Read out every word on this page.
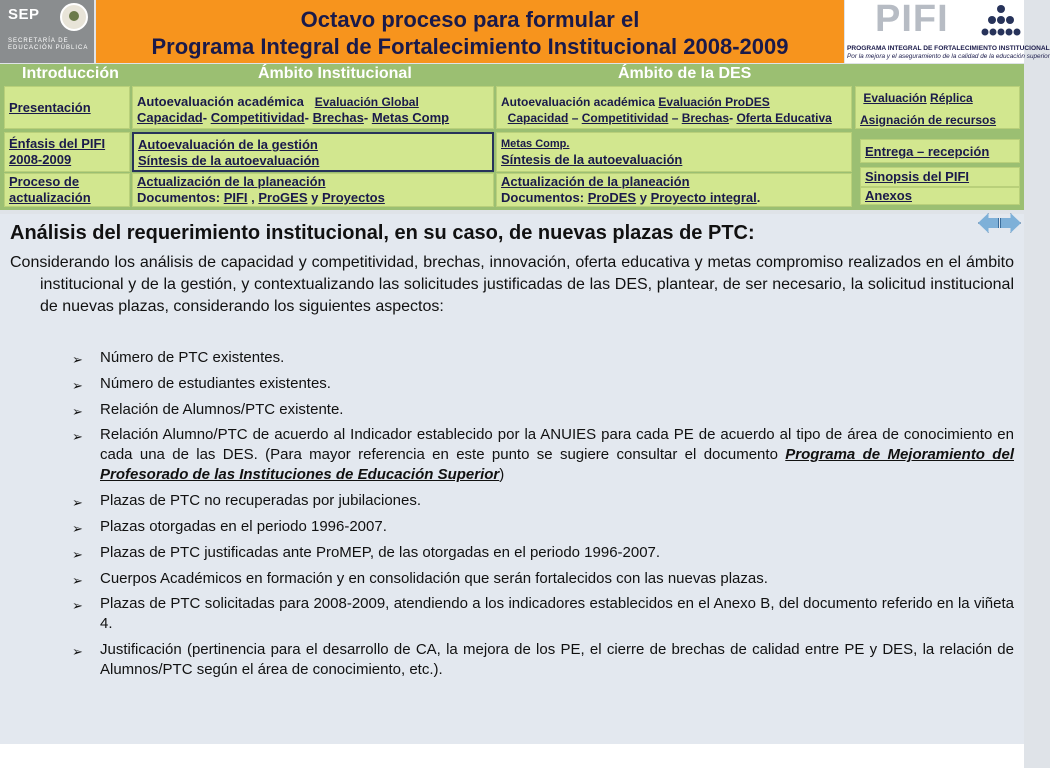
SEP
SECRETARÍA DE
EDUCACIÓN PÚBLICA
Octavo proceso para formular el
Programa Integral de Fortalecimiento Institucional 2008-2009
PIFI
PROGRAMA INTEGRAL DE FORTALECIMIENTO INSTITUCIONAL
Por la mejora y el aseguramiento de la calidad de la educación superior
Introducción	Ámbito Institucional	Ámbito de la DES
Presentación
Énfasis del PIFI
2008-2009
Proceso de
actualización
Autoevaluación académica Evaluación Global
Capacidad- Competitividad- Brechas- Metas Comp
Autoevaluación de la gestión
Síntesis de la autoevaluación
Actualización de la planeación
Documentos: PIFI , ProGES y Proyectos
Autoevaluación académica Evaluación ProDES
Capacidad – Competitividad – Brechas- Oferta Educativa
Metas Comp.
Síntesis de la autoevaluación
Actualización de la planeación
Documentos: ProDES y Proyecto integral.
Evaluación Réplica
Asignación de recursos
Entrega – recepción
Sinopsis del PIFI
Anexos
Análisis del requerimiento institucional, en su caso, de nuevas plazas de PTC:

Considerando los análisis de capacidad y competitividad, brechas, innovación, oferta educativa y metas compromiso realizados en el ámbito institucional y de la gestión, y contextualizando las solicitudes justificadas de las DES, plantear, de ser necesario, la solicitud institucional de nuevas plazas, considerando los siguientes aspectos:

➢ Número de PTC existentes.
➢ Número de estudiantes existentes.
➢ Relación de Alumnos/PTC existente.
➢ Relación Alumno/PTC de acuerdo al Indicador establecido por la ANUIES para cada PE de acuerdo al tipo de área de conocimiento en cada una de las DES. (Para mayor referencia en este punto se sugiere consultar el documento Programa de Mejoramiento del Profesorado de las Instituciones de Educación Superior)
➢ Plazas de PTC no recuperadas por jubilaciones.
➢ Plazas otorgadas en el periodo 1996-2007.
➢ Plazas de PTC justificadas ante ProMEP, de las otorgadas en el periodo 1996-2007.
➢ Cuerpos Académicos en formación y en consolidación que serán fortalecidos con las nuevas plazas.
➢ Plazas de PTC solicitadas para 2008-2009, atendiendo a los indicadores establecidos en el Anexo B, del documento referido en la viñeta 4.
➢ Justificación (pertinencia para el desarrollo de CA, la mejora de los PE, el cierre de brechas de calidad entre PE y DES, la relación de Alumnos/PTC según el área de conocimiento, etc.).
